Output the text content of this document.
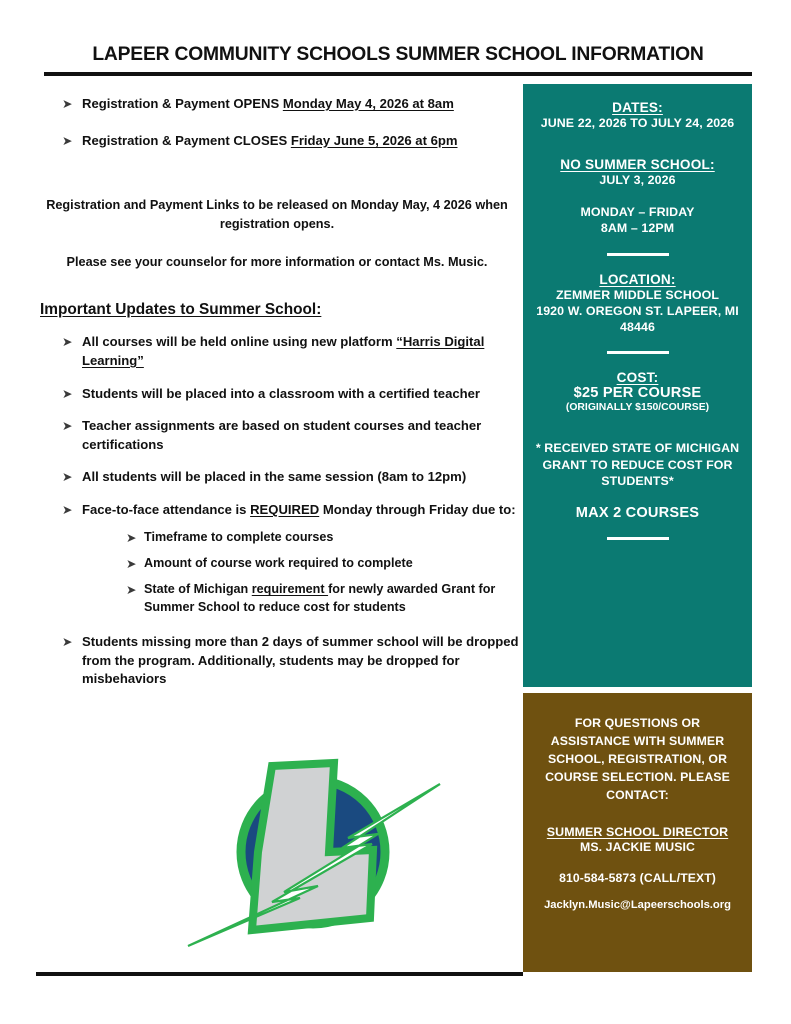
LAPEER COMMUNITY SCHOOLS SUMMER SCHOOL INFORMATION
➤ Registration & Payment OPENS Monday May 4, 2026 at 8am
➤ Registration & Payment CLOSES Friday June 5, 2026 at 6pm
Registration and Payment Links to be released on Monday May, 4 2026 when registration opens.
Please see your counselor for more information or contact Ms. Music.
Important Updates to Summer School:
➤ All courses will be held online using new platform “Harris Digital Learning”
➤ Students will be placed into a classroom with a certified teacher
➤ Teacher assignments are based on student courses and teacher certifications
➤ All students will be placed in the same session (8am to 12pm)
➤ Face-to-face attendance is REQUIRED Monday through Friday due to:
➤ Timeframe to complete courses
➤ Amount of course work required to complete
➤ State of Michigan requirement for newly awarded Grant for Summer School to reduce cost for students
➤ Students missing more than 2 days of summer school will be dropped from the program. Additionally, students may be dropped for misbehaviors
DATES:
JUNE 22, 2026 TO JULY 24, 2026
NO SUMMER SCHOOL:
JULY 3, 2026
MONDAY – FRIDAY
8AM – 12PM
LOCATION:
ZEMMER MIDDLE SCHOOL
1920 W. OREGON ST. LAPEER, MI 48446
COST:
$25 PER COURSE
(ORIGINALLY $150/COURSE)
* RECEIVED STATE OF MICHIGAN GRANT TO REDUCE COST FOR STUDENTS*
MAX 2 COURSES
FOR QUESTIONS OR ASSISTANCE WITH SUMMER SCHOOL, REGISTRATION, OR COURSE SELECTION. PLEASE CONTACT:
SUMMER SCHOOL DIRECTOR
MS. JACKIE MUSIC
810-584-5873 (CALL/TEXT)
Jacklyn.Music@Lapeerschools.org
